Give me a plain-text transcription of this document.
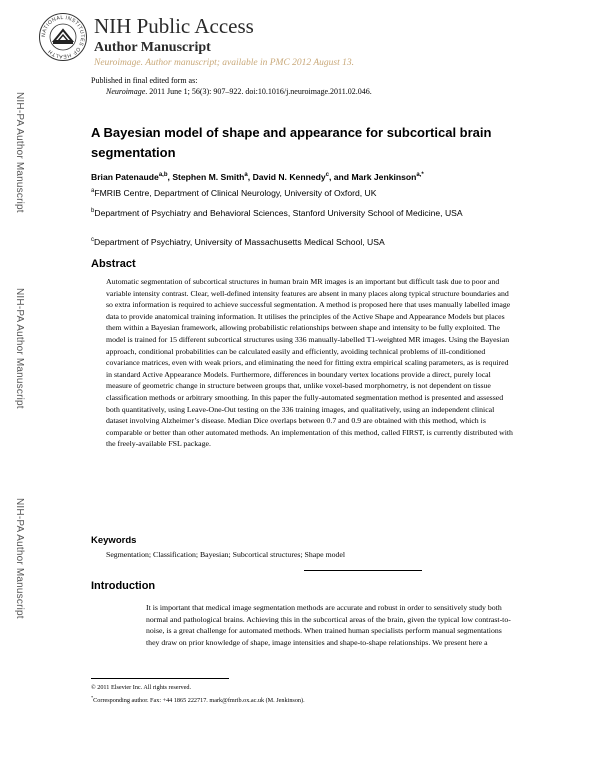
NATIONAL INSTITUTES OF HEALTH
NIH Public Access
Author Manuscript
Neuroimage. Author manuscript; available in PMC 2012 August 13.
Published in final edited form as:
Neuroimage. 2011 June 1; 56(3): 907–922. doi:10.1016/j.neuroimage.2011.02.046.
NIH-PA Author Manuscript
NIH-PA Author Manuscript
NIH-PA Author Manuscript
A Bayesian model of shape and appearance for subcortical brain segmentation
Brian Patenaude$^{a,b}$, Stephen M. Smith$^a$, David N. Kennedy$^c$, and Mark Jenkinson$^{a,*}$
$^a$FMRIB Centre, Department of Clinical Neurology, University of Oxford, UK
$^b$Department of Psychiatry and Behavioral Sciences, Stanford University School of Medicine, USA
$^c$Department of Psychiatry, University of Massachusetts Medical School, USA
Abstract
Automatic segmentation of subcortical structures in human brain MR images is an important but difficult task due to poor and variable intensity contrast. Clear, well-defined intensity features are absent in many places along typical structure boundaries and so extra information is required to achieve successful segmentation. A method is proposed here that uses manually labelled image data to provide anatomical training information. It utilises the principles of the Active Shape and Appearance Models but places them within a Bayesian framework, allowing probabilistic relationships between shape and intensity to be fully exploited. The model is trained for 15 different subcortical structures using 336 manually-labelled T1-weighted MR images. Using the Bayesian approach, conditional probabilities can be calculated easily and efficiently, avoiding technical problems of ill-conditioned covariance matrices, even with weak priors, and eliminating the need for fitting extra empirical scaling parameters, as is required in standard Active Appearance Models. Furthermore, differences in boundary vertex locations provide a direct, purely local measure of geometric change in structure between groups that, unlike voxel-based morphometry, is not dependent on tissue classification methods or arbitrary smoothing. In this paper the fully-automated segmentation method is presented and assessed both quantitatively, using Leave-One-Out testing on the 336 training images, and qualitatively, using an independent clinical dataset involving Alzheimer’s disease. Median Dice overlaps between 0.7 and 0.9 are obtained with this method, which is comparable or better than other automated methods. An implementation of this method, called FIRST, is currently distributed with the freely-available FSL package.
Keywords
Segmentation; Classification; Bayesian; Subcortical structures; Shape model
Introduction
It is important that medical image segmentation methods are accurate and robust in order to sensitively study both normal and pathological brains. Achieving this in the subcortical areas of the brain, given the typical low contrast-to-noise, is a great challenge for automated methods. When trained human specialists perform manual segmentations they draw on prior knowledge of shape, image intensities and shape-to-shape relationships. We present here a
© 2011 Elsevier Inc. All rights reserved.
*Corresponding author. Fax: +44 1865 222717. mark@fmrib.ox.ac.uk (M. Jenkinson).
